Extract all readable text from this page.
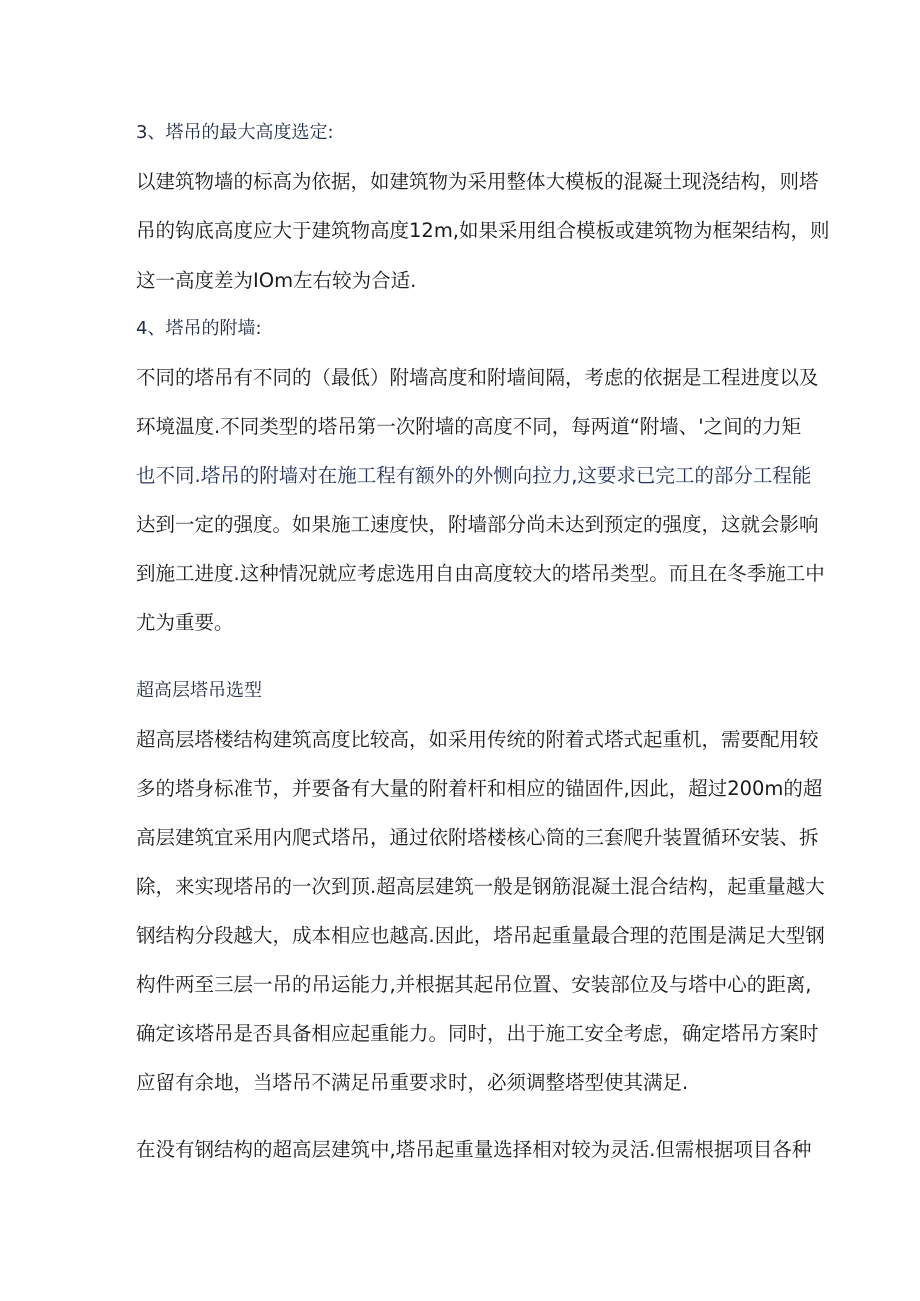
3、塔吊的最大高度选定:
以建筑物墙的标高为依据，如建筑物为采用整体大模板的混凝土现浇结构，则塔
吊的钩底高度应大于建筑物高度12m,如果采用组合模板或建筑物为框架结构，则
这一高度差为IOm左右较为合适.
4、塔吊的附墙:
不同的塔吊有不同的（最低）附墙高度和附墙间隔，考虑的依据是工程进度以及
环境温度.不同类型的塔吊第一次附墙的高度不同，每两道“附墙、'之间的力矩
也不同.塔吊的附墙对在施工程有额外的外恻向拉力,这要求已完工的部分工程能
达到一定的强度。如果施工速度快，附墙部分尚未达到预定的强度，这就会影响
到施工进度.这种情况就应考虑选用自由高度较大的塔吊类型。而且在冬季施工中
尤为重要。
超高层塔吊选型
超高层塔楼结构建筑高度比较高，如采用传统的附着式塔式起重机，需要配用较
多的塔身标准节，并要备有大量的附着杆和相应的锚固件,因此，超过200m的超
高层建筑宜采用内爬式塔吊，通过依附塔楼核心筒的三套爬升装置循环安装、拆
除，来实现塔吊的一次到顶.超高层建筑一般是钢筋混凝土混合结构，起重量越大
钢结构分段越大，成本相应也越高.因此，塔吊起重量最合理的范围是满足大型钢
构件两至三层一吊的吊运能力,并根据其起吊位置、安装部位及与塔中心的距离,
确定该塔吊是否具备相应起重能力。同时，出于施工安全考虑，确定塔吊方案时
应留有余地，当塔吊不满足吊重要求时，必须调整塔型使其满足.
在没有钢结构的超高层建筑中,塔吊起重量选择相对较为灵活.但需根据项目各种
